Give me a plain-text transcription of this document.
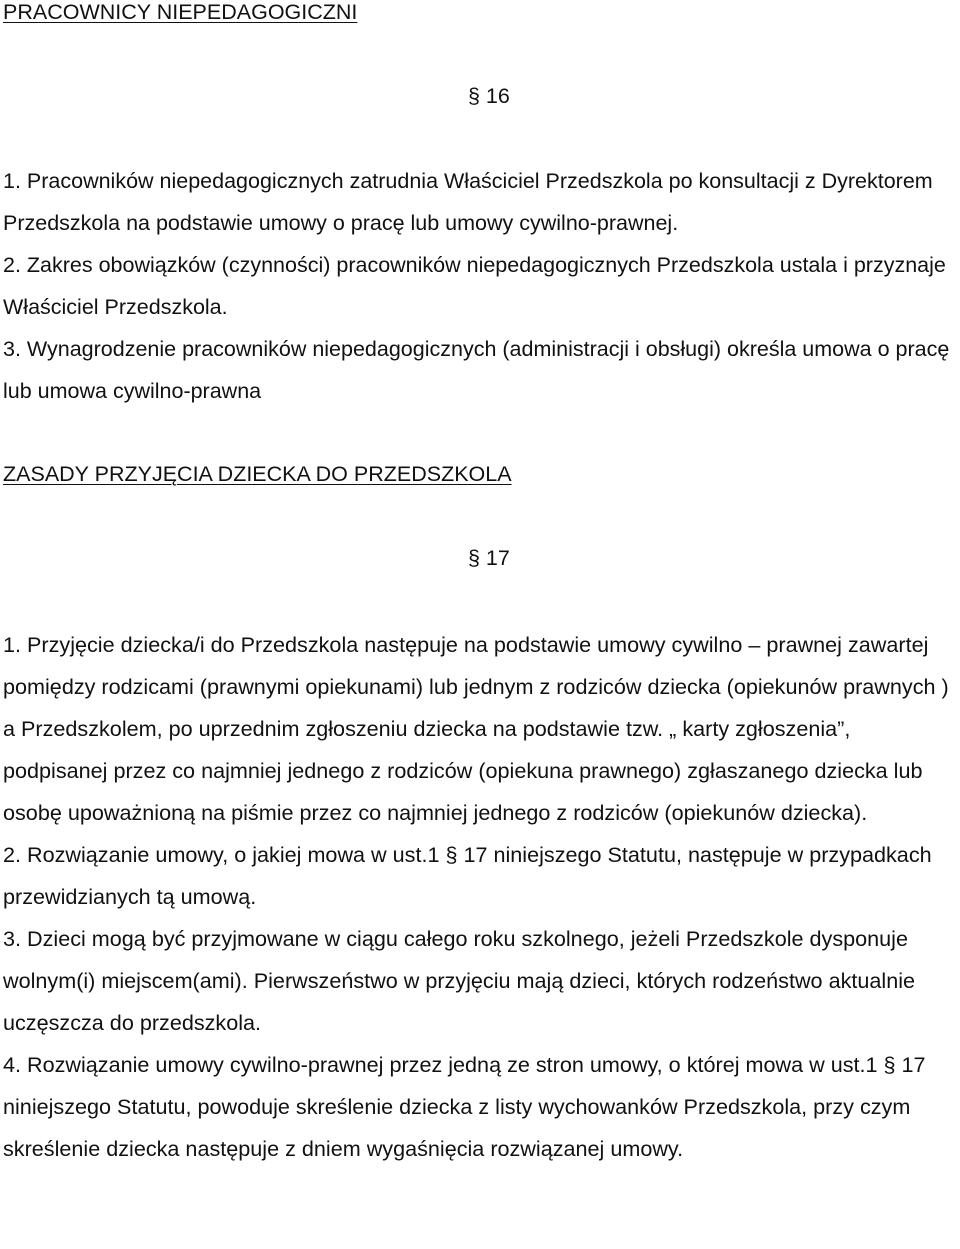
PRACOWNICY NIEPEDAGOGICZNI
§ 16

1. Pracowników niepedagogicznych zatrudnia Właściciel Przedszkola po konsultacji z Dyrektorem Przedszkola na podstawie umowy o pracę lub umowy cywilno-prawnej.

2. Zakres obowiązków (czynności) pracowników niepedagogicznych Przedszkola ustala i przyznaje Właściciel Przedszkola.

3. Wynagrodzenie pracowników niepedagogicznych (administracji i obsługi) określa umowa o pracę lub umowa cywilno-prawna

ZASADY PRZYJĘCIA DZIECKA DO PRZEDSZKOLA
§ 17

1. Przyjęcie dziecka/i do Przedszkola następuje na podstawie umowy cywilno – prawnej zawartej pomiędzy rodzicami (prawnymi opiekunami) lub jednym z rodziców dziecka (opiekunów prawnych ) a Przedszkolem, po uprzednim zgłoszeniu dziecka na podstawie tzw. „ karty zgłoszenia”, podpisanej przez co najmniej jednego z rodziców (opiekuna prawnego) zgłaszanego dziecka lub osobę upoważnioną na piśmie przez co najmniej jednego z rodziców (opiekunów dziecka).

2. Rozwiązanie umowy, o jakiej mowa w ust.1 § 17 niniejszego Statutu, następuje w przypadkach przewidzianych tą umową.

3. Dzieci mogą być przyjmowane w ciągu całego roku szkolnego, jeżeli Przedszkole dysponuje wolnym(i) miejscem(ami). Pierwszeństwo w przyjęciu mają dzieci, których rodzeństwo aktualnie uczęszcza do przedszkola.

4. Rozwiązanie umowy cywilno-prawnej przez jedną ze stron umowy, o której mowa w ust.1 § 17 niniejszego Statutu, powoduje skreślenie dziecka z listy wychowanków Przedszkola, przy czym skreślenie dziecka następuje z dniem wygaśnięcia rozwiązanej umowy.
